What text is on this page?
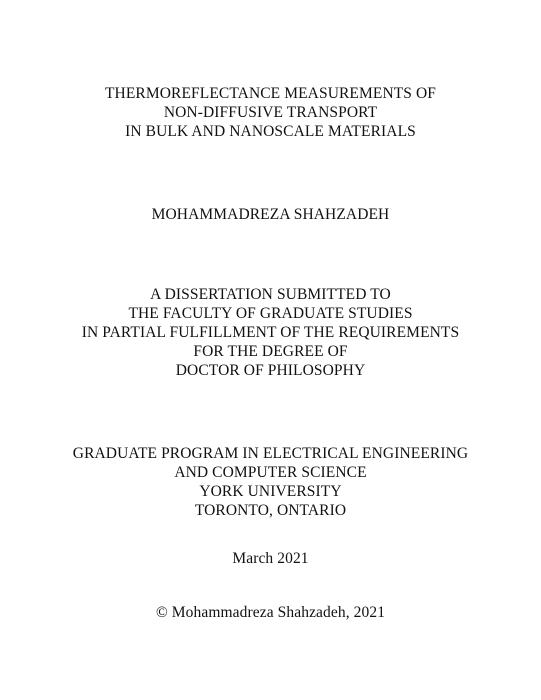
THERMOREFLECTANCE MEASUREMENTS OF
NON-DIFFUSIVE TRANSPORT
IN BULK AND NANOSCALE MATERIALS
MOHAMMADREZA SHAHZADEH
A DISSERTATION SUBMITTED TO
THE FACULTY OF GRADUATE STUDIES
IN PARTIAL FULFILLMENT OF THE REQUIREMENTS
FOR THE DEGREE OF
DOCTOR OF PHILOSOPHY
GRADUATE PROGRAM IN ELECTRICAL ENGINEERING
AND COMPUTER SCIENCE
YORK UNIVERSITY
TORONTO, ONTARIO
March 2021
© Mohammadreza Shahzadeh, 2021
